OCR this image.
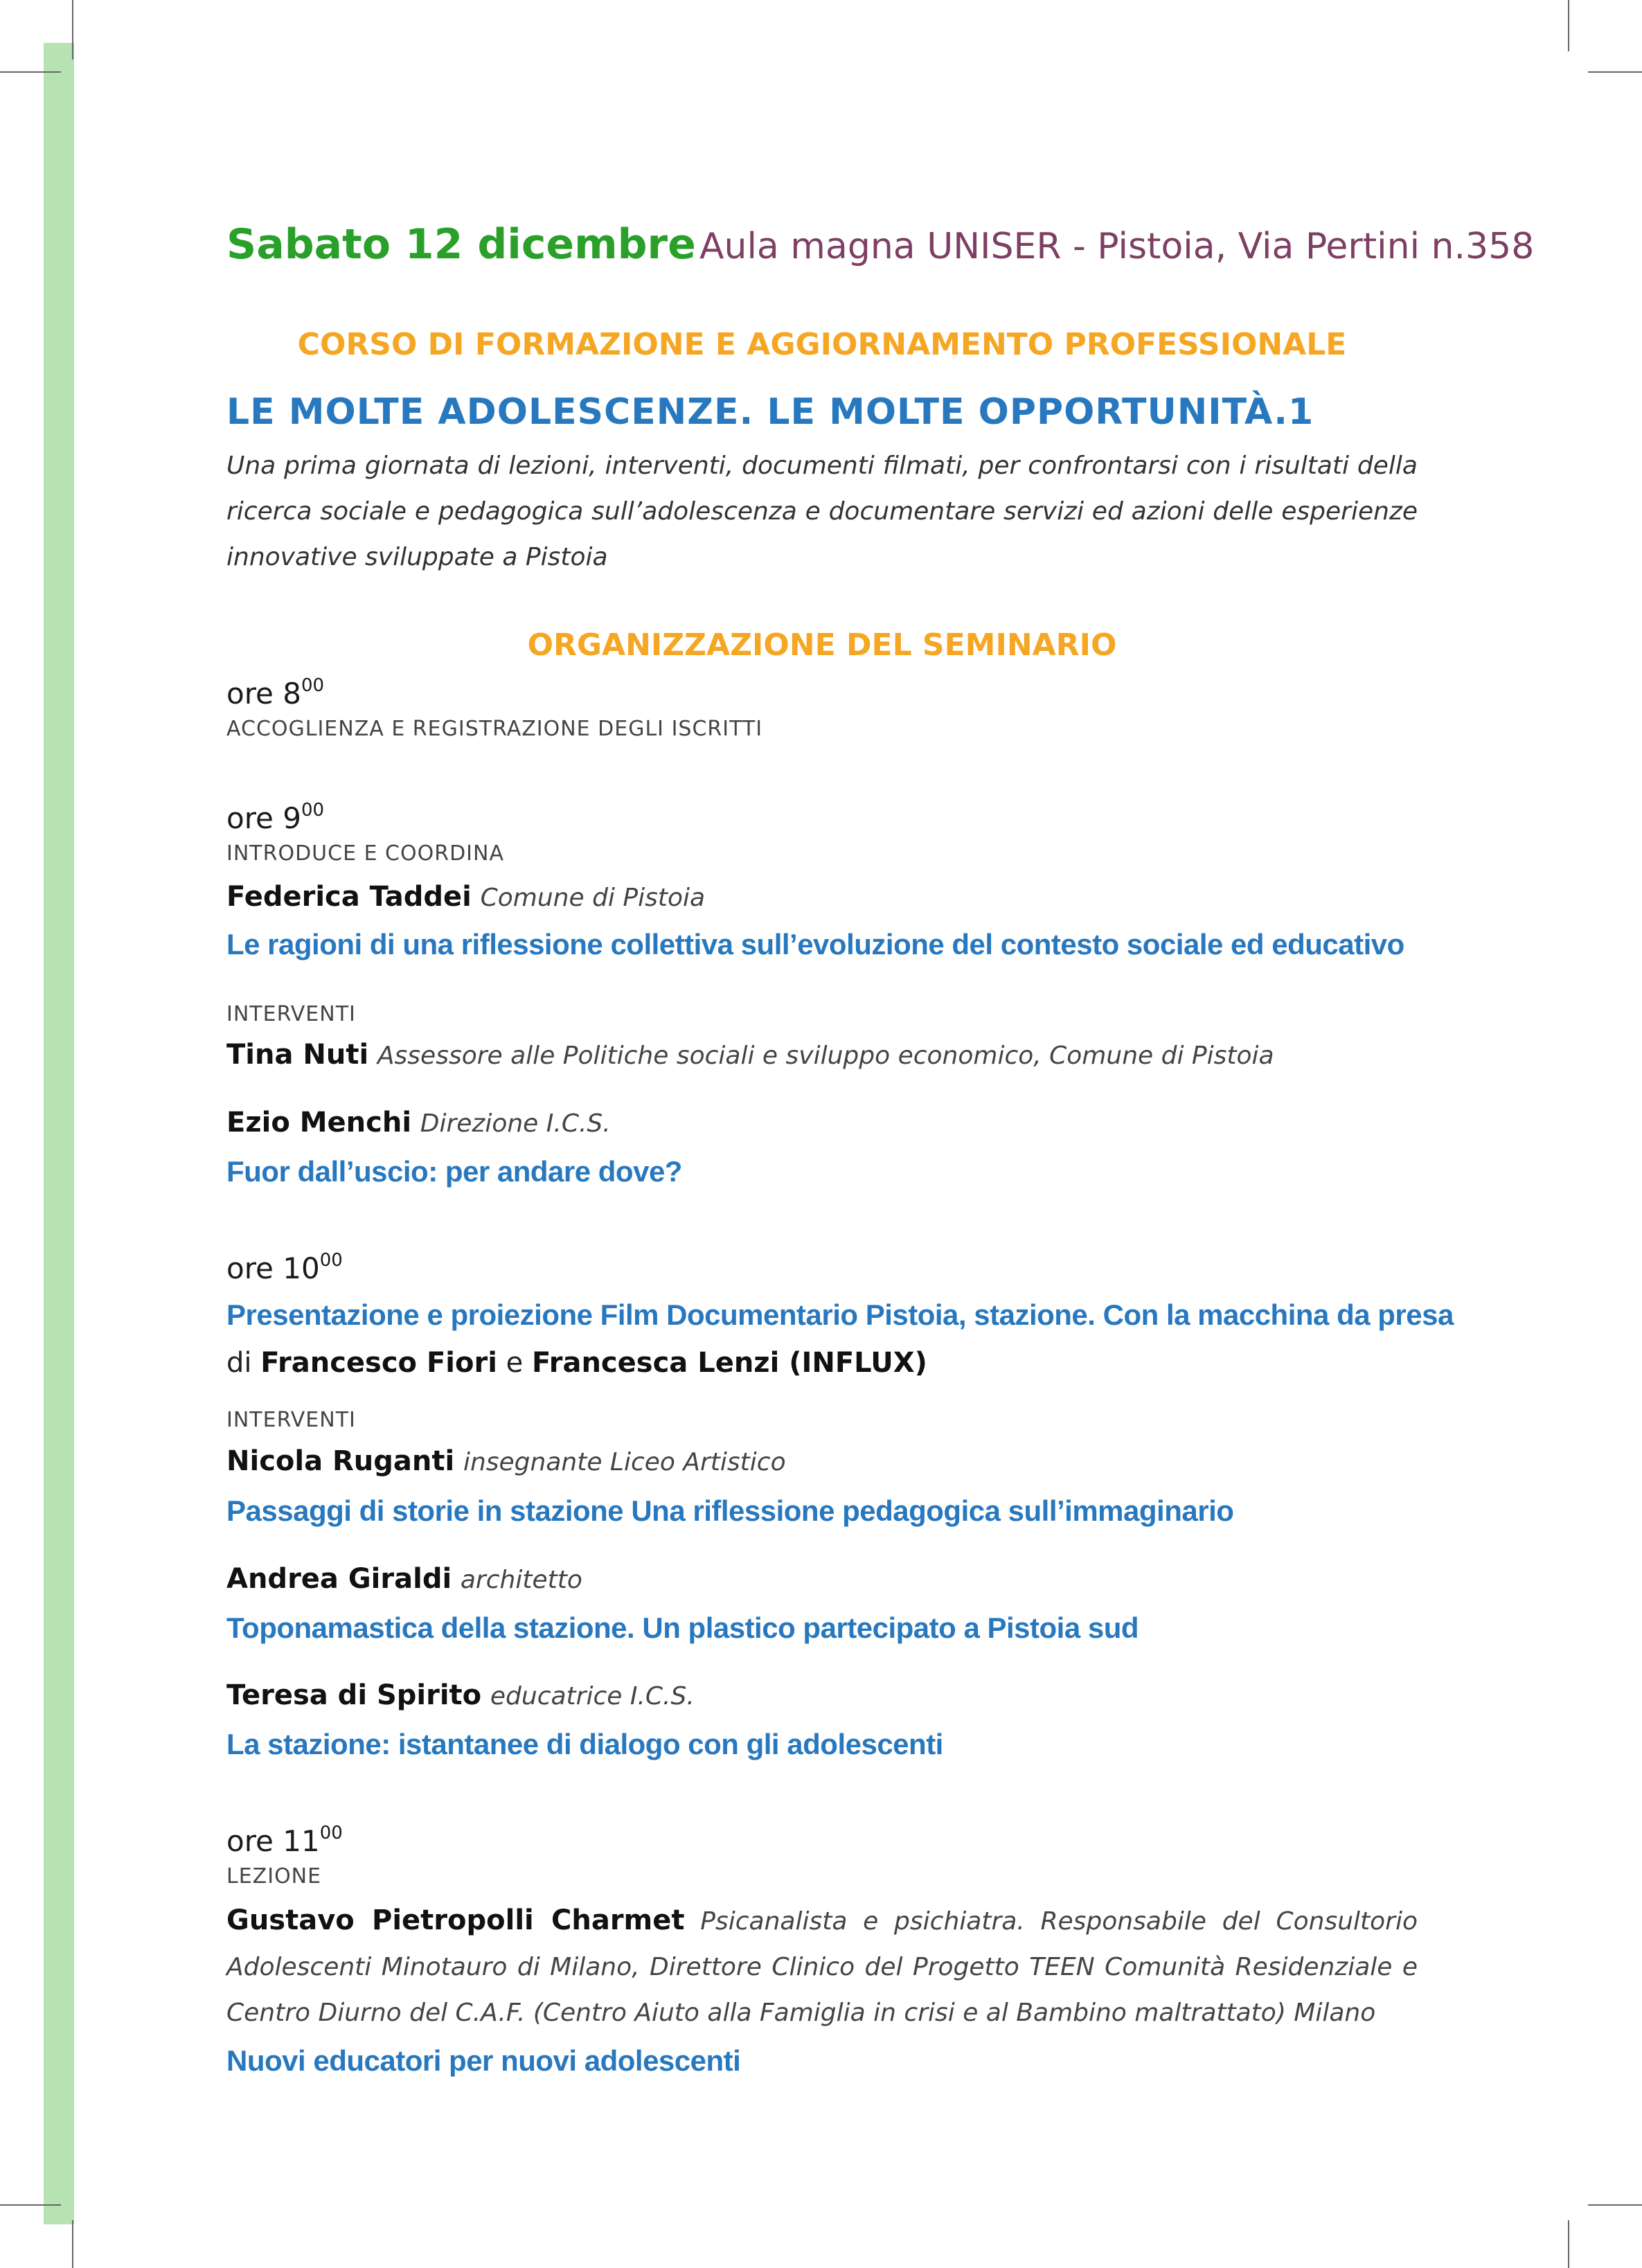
Sabato 12 dicembre Aula magna UNISER - Pistoia, Via Pertini n.358
CORSO DI FORMAZIONE E AGGIORNAMENTO PROFESSIONALE
LE MOLTE ADOLESCENZE. LE MOLTE OPPORTUNITÀ.1
Una prima giornata di lezioni, interventi, documenti filmati, per confrontarsi con i risultati della ricerca sociale e pedagogica sull’adolescenza e documentare servizi ed azioni delle esperienze innovative sviluppate a Pistoia
ORGANIZZAZIONE DEL SEMINARIO
ore $8^{00}$
ACCOGLIENZA E REGISTRAZIONE DEGLI ISCRITTI
ore $9^{00}$
INTRODUCE E COORDINA
Federica Taddei Comune di Pistoia
Le ragioni di una riflessione collettiva sull’evoluzione del contesto sociale ed educativo
INTERVENTI
Tina Nuti Assessore alle Politiche sociali e sviluppo economico, Comune di Pistoia
Ezio Menchi Direzione I.C.S.
Fuor dall’uscio: per andare dove?
ore $10^{00}$
Presentazione e proiezione Film Documentario Pistoia, stazione. Con la macchina da presa
di Francesco Fiori e Francesca Lenzi (INFLUX)
INTERVENTI
Nicola Ruganti insegnante Liceo Artistico
Passaggi di storie in stazione Una riflessione pedagogica sull’immaginario
Andrea Giraldi architetto
Toponamastica della stazione. Un plastico partecipato a Pistoia sud
Teresa di Spirito educatrice I.C.S.
La stazione: istantanee di dialogo con gli adolescenti
ore $11^{00}$
LEZIONE
Gustavo Pietropolli Charmet Psicanalista e psichiatra. Responsabile del Consultorio Adolescenti Minotauro di Milano, Direttore Clinico del Progetto TEEN Comunità Residenziale e Centro Diurno del C.A.F. (Centro Aiuto alla Famiglia in crisi e al Bambino maltrattato) Milano
Nuovi educatori per nuovi adolescenti
